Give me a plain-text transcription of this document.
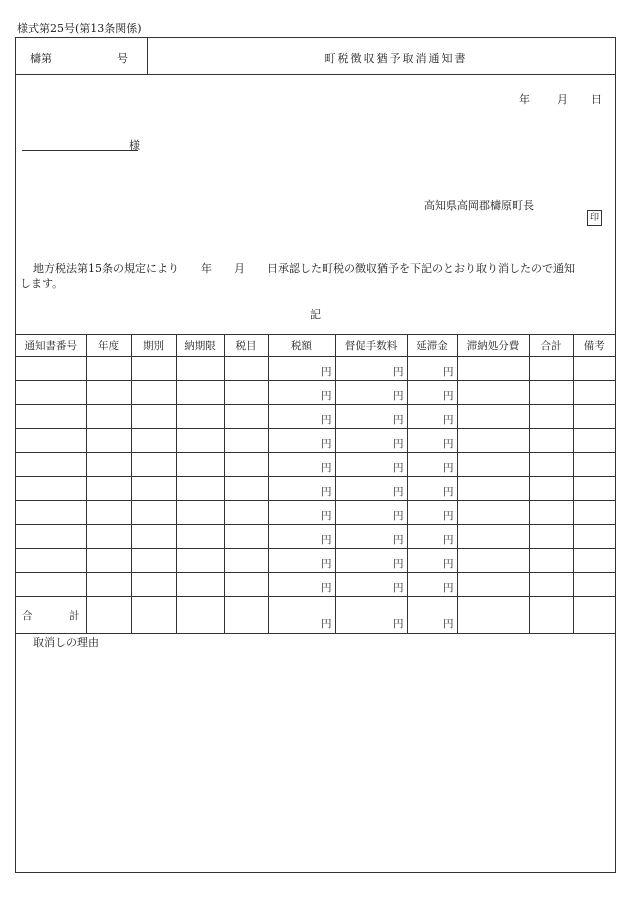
様式第25号(第13条関係)
檮第	号	町税徴収猶予取消通知書
年 月 日
様
高知県高岡郡檮原町長
印
地方税法第15条の規定により　　年　　月　　日承認した町税の徴収猶予を下記のとおり取り消したので通知
します。
記
通知書番号	年度	期別	納期限	税目	税額	督促手数料	延滞金	滞納処分費	合計	備考
					円	円	円			
					円	円	円			
					円	円	円			
					円	円	円			
					円	円	円			
					円	円	円			
					円	円	円			
					円	円	円			
					円	円	円			
					円	円	円			
合 計					円	円	円			
取消しの理由
